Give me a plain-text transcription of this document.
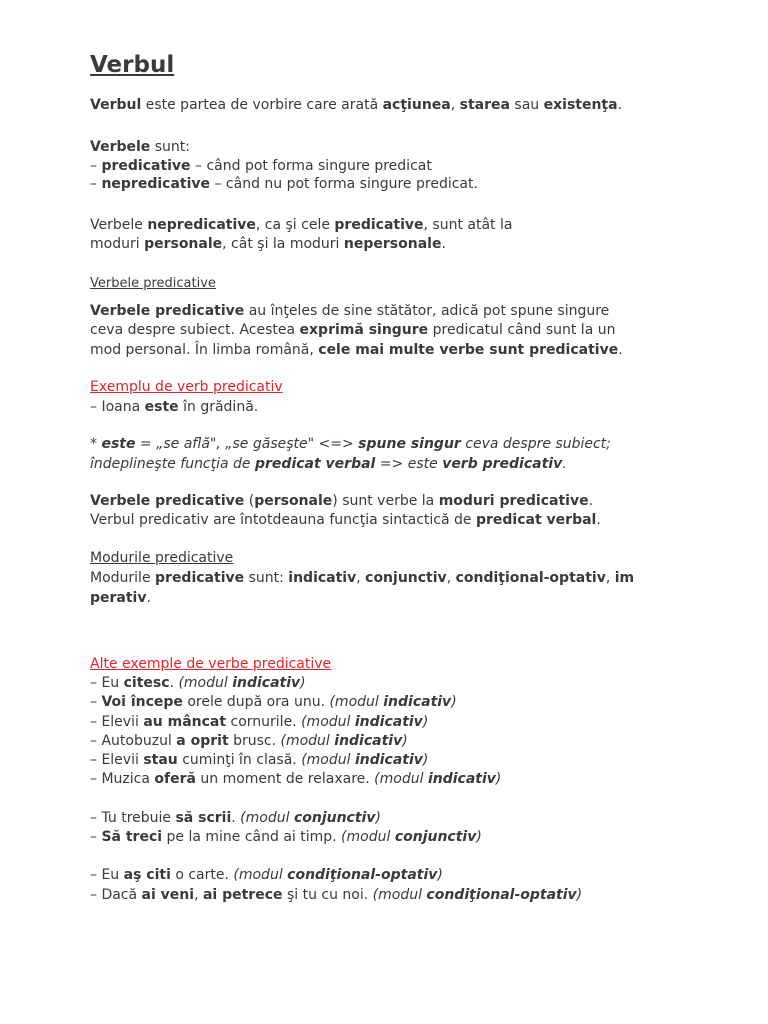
Verbul
Verbul este partea de vorbire care arată acţiunea, starea sau existenţa.
Verbele sunt:
– predicative – când pot forma singure predicat
– nepredicative – când nu pot forma singure predicat.
Verbele nepredicative, ca şi cele predicative, sunt atât la
moduri personale, cât şi la moduri nepersonale.
Verbele predicative
Verbele predicative au înţeles de sine stătător, adică pot spune singure
ceva despre subiect. Acestea exprimă singure predicatul când sunt la un
mod personal. În limba română, cele mai multe verbe sunt predicative.
Exemplu de verb predicativ
– Ioana este în grădină.
* este = „se află", „se găseşte" <=> spune singur ceva despre subiect;
îndeplineşte funcţia de predicat verbal => este verb predicativ.
Verbele predicative (personale) sunt verbe la moduri predicative.
Verbul predicativ are întotdeauna funcţia sintactică de predicat verbal.
Modurile predicative
Modurile predicative sunt: indicativ, conjunctiv, condiţional-optativ, im
perativ.
Alte exemple de verbe predicative
– Eu citesc. (modul indicativ)
– Voi începe orele după ora unu. (modul indicativ)
– Elevii au mâncat cornurile. (modul indicativ)
– Autobuzul a oprit brusc. (modul indicativ)
– Elevii stau cuminţi în clasă. (modul indicativ)
– Muzica oferă un moment de relaxare. (modul indicativ)
– Tu trebuie să scrii. (modul conjunctiv)
– Să treci pe la mine când ai timp. (modul conjunctiv)
– Eu aş citi o carte. (modul condiţional-optativ)
– Dacă ai veni, ai petrece şi tu cu noi. (modul condiţional-optativ)
